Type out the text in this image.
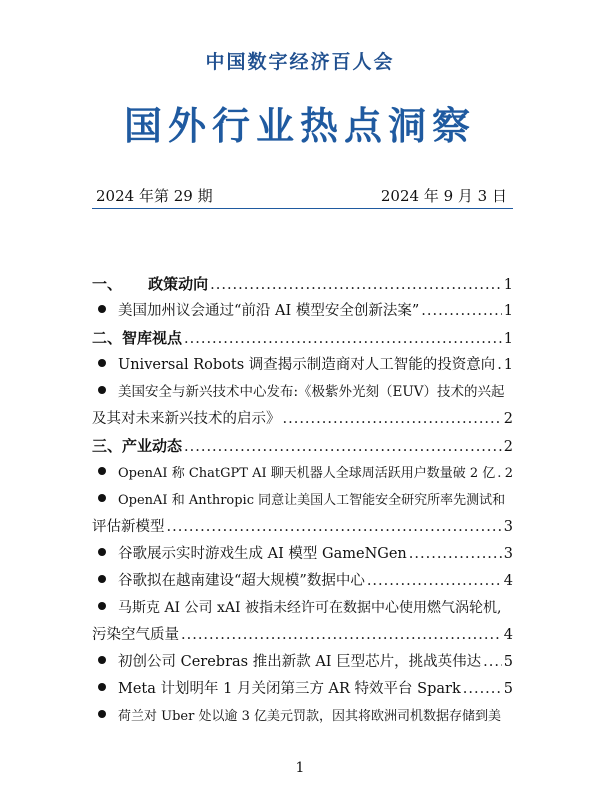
中国数字经济百人会
国外行业热点洞察
2024 年第 29 期	2024 年 9 月 3 日
一、     政策动向 .....	1
美国加州议会通过“前沿 AI 模型安全创新法案” .....	1
二、智库视点 .....	1
Universal Robots 调查揭示制造商对人工智能的投资意向 ..... 1
美国安全与新兴技术中心发布:《极紫外光刻（EUV）技术的兴起
及其对未来新兴技术的启示》 .....	2
三、产业动态 .....	2
OpenAI 称 ChatGPT AI 聊天机器人全球周活跃用户数量破 2 亿 ..... 2
OpenAI 和 Anthropic 同意让美国人工智能安全研究所率先测试和
评估新模型 .....	3
谷歌展示实时游戏生成 AI 模型 GameNGen .....	3
谷歌拟在越南建设“超大规模”数据中心 .....	4
马斯克 AI 公司 xAI 被指未经许可在数据中心使用燃气涡轮机,
污染空气质量 .....	4
初创公司 Cerebras 推出新款 AI 巨型芯片，挑战英伟达 ..... 5
Meta 计划明年 1 月关闭第三方 AR 特效平台 Spark .....	5
荷兰对 Uber 处以逾 3 亿美元罚款，因其将欧洲司机数据存储到美
1
